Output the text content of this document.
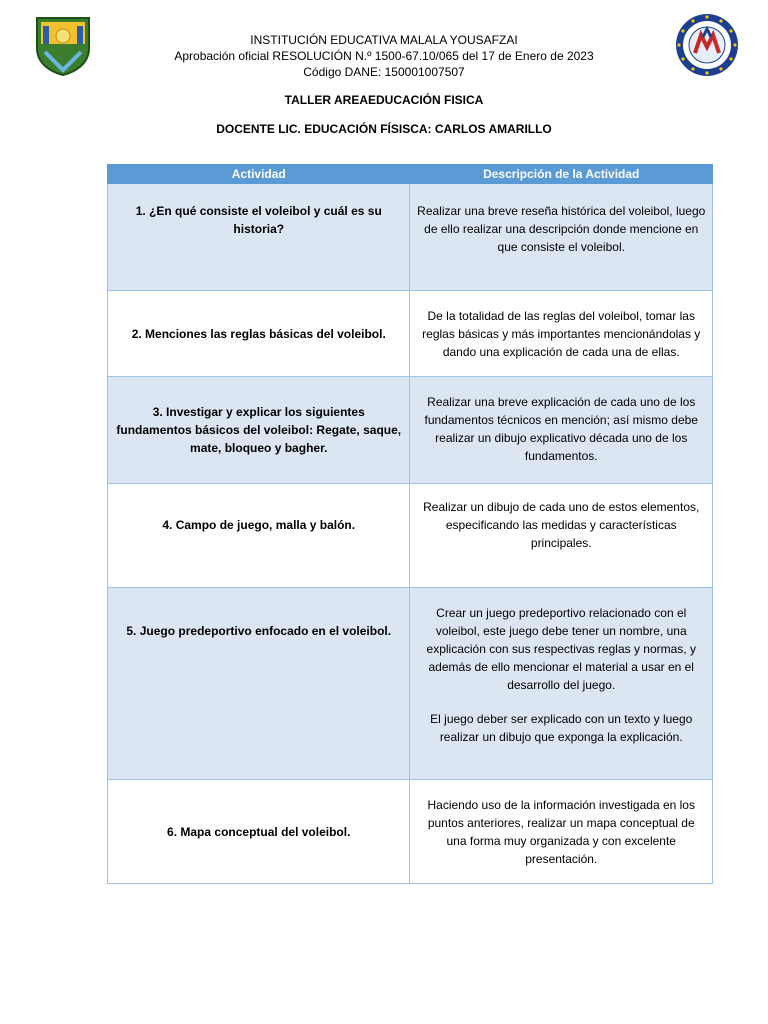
INSTITUCIÓN EDUCATIVA MALALA YOUSAFZAI
Aprobación oficial RESOLUCIÓN N.º 1500-67.10/065 del 17 de Enero de 2023
Código DANE: 150001007507
TALLER AREAEDUCACIÓN FISICA
DOCENTE LIC. EDUCACIÓN FÍSISCA: CARLOS AMARILLO
Actividad	Descripción de la Actividad
1. ¿En qué consiste el voleibol y cuál es su historia?	Realizar una breve reseña histórica del voleibol, luego de ello realizar una descripción donde mencione en que consiste el voleibol.

2. Menciones las reglas básicas del voleibol.	De la totalidad de las reglas del voleibol, tomar las reglas básicas y más importantes mencionándolas y dando una explicación de cada una de ellas.

3. Investigar y explicar los siguientes fundamentos básicos del voleibol: Regate, saque, mate, bloqueo y bagher.	Realizar una breve explicación de cada uno de los fundamentos técnicos en mención; así mismo debe realizar un dibujo explicativo década uno de los fundamentos.

4. Campo de juego, malla y balón.	Realizar un dibujo de cada uno de estos elementos, especificando las medidas y características principales.

5. Juego predeportivo enfocado en el voleibol.	Crear un juego predeportivo relacionado con el voleibol, este juego debe tener un nombre, una explicación con sus respectivas reglas y normas, y además de ello mencionar el material a usar en el desarrollo del juego.

El juego deber ser explicado con un texto y luego realizar un dibujo que exponga la explicación.

6. Mapa conceptual del voleibol.	Haciendo uso de la información investigada en los puntos anteriores, realizar un mapa conceptual de una forma muy organizada y con excelente presentación.
